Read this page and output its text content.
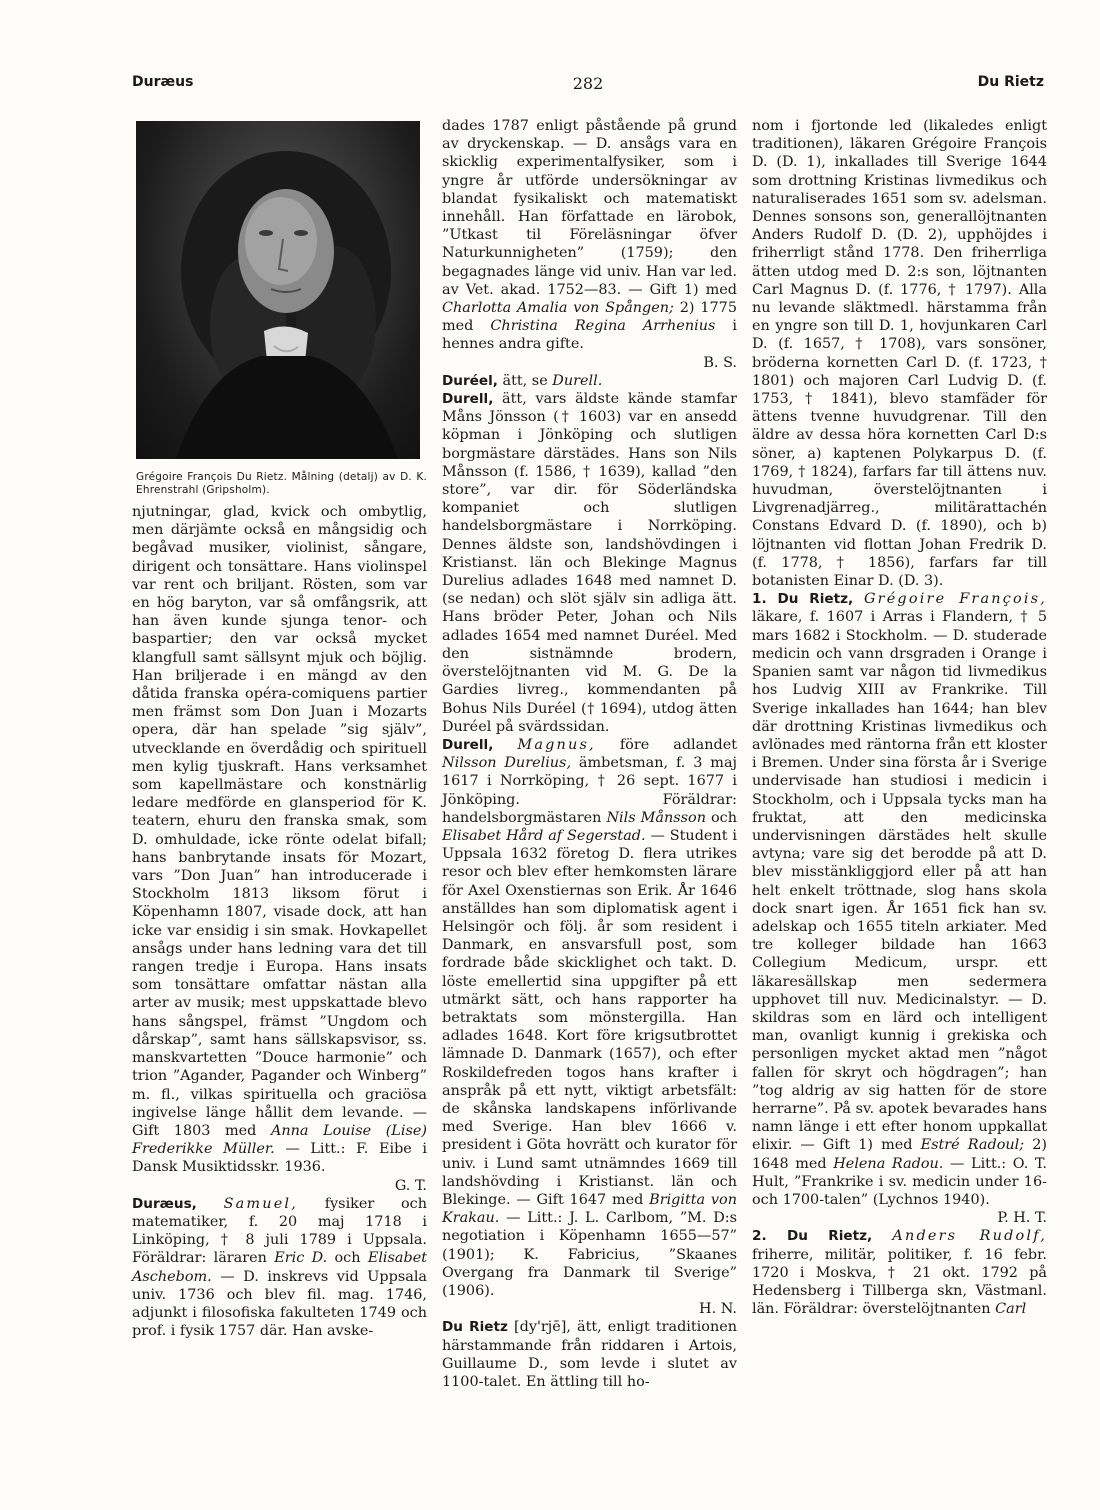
Duræus	282	Du Rietz
Grégoire François Du Rietz. Målning (detalj) av D. K. Ehrenstrahl (Gripsholm).

njutningar, glad, kvick och ombytlig, men därjämte också en mångsidig och begåvad musiker, violinist, sångare, dirigent och tonsättare. Hans violinspel var rent och briljant. Rösten, som var en hög baryton, var så omfångsrik, att han även kunde sjunga tenor- och baspartier; den var också mycket klangfull samt sällsynt mjuk och böjlig. Han briljerade i en mängd av den dåtida franska opéra-comiquens partier men främst som Don Juan i Mozarts opera, där han spelade ”sig själv”, utvecklande en överdådig och spirituell men kylig tjuskraft. Hans verksamhet som kapellmästare och konstnärlig ledare medförde en glansperiod för K. teatern, ehuru den franska smak, som D. omhuldade, icke rönte odelat bifall; hans banbrytande insats för Mozart, vars ”Don Juan” han introducerade i Stockholm 1813 liksom förut i Köpenhamn 1807, visade dock, att han icke var ensidig i sin smak. Hovkapellet ansågs under hans ledning vara det till rangen tredje i Europa. Hans insats som tonsättare omfattar nästan alla arter av musik; mest uppskattade blevo hans sångspel, främst ”Ungdom och dårskap”, samt hans sällskapsvisor, ss. manskvartetten ”Douce harmonie” och trion ”Agander, Pagander och Winberg” m. fl., vilkas spirituella och graciösa ingivelse länge hållit dem levande. — Gift 1803 med Anna Louise (Lise) Frederikke Müller. — Litt.: F. Eibe i Dansk Musiktidsskr. 1936.
G. T.

Duræus, Samuel, fysiker och matematiker, f. 20 maj 1718 i Linköping, † 8 juli 1789 i Uppsala. Föräldrar: läraren Eric D. och Elisabet Aschebom. — D. inskrevs vid Uppsala univ. 1736 och blev fil. mag. 1746, adjunkt i filosofiska fakulteten 1749 och prof. i fysik 1757 där. Han avske-

dades 1787 enligt påstående på grund av dryckenskap. — D. ansågs vara en skicklig experimentalfysiker, som i yngre år utförde undersökningar av blandat fysikaliskt och matematiskt innehåll. Han författade en lärobok, ”Utkast til Föreläsningar öfver Naturkunnigheten” (1759); den begagnades länge vid univ. Han var led. av Vet. akad. 1752—83. — Gift 1) med Charlotta Amalia von Spången; 2) 1775 med Christina Regina Arrhenius i hennes andra gifte.
B. S.

Duréel, ätt, se Durell.

Durell, ätt, vars äldste kände stamfar Måns Jönsson († 1603) var en ansedd köpman i Jönköping och slutligen borgmästare därstädes. Hans son Nils Månsson (f. 1586, † 1639), kallad ”den store”, var dir. för Söderländska kompaniet och slutligen handelsborgmästare i Norrköping. Dennes äldste son, landshövdingen i Kristianst. län och Blekinge Magnus Durelius adlades 1648 med namnet D. (se nedan) och slöt själv sin adliga ätt. Hans bröder Peter, Johan och Nils adlades 1654 med namnet Duréel. Med den sistnämnde brodern, överstelöjtnanten vid M. G. De la Gardies livreg., kommendanten på Bohus Nils Duréel († 1694), utdog ätten Duréel på svärdssidan.

Durell, Magnus, före adlandet Nilsson Durelius, ämbetsman, f. 3 maj 1617 i Norrköping, † 26 sept. 1677 i Jönköping. Föräldrar: handelsborgmästaren Nils Månsson och Elisabet Hård af Segerstad. — Student i Uppsala 1632 företog D. flera utrikes resor och blev efter hemkomsten lärare för Axel Oxenstiernas son Erik. År 1646 anställdes han som diplomatisk agent i Helsingör och följ. år som resident i Danmark, en ansvarsfull post, som fordrade både skicklighet och takt. D. löste emellertid sina uppgifter på ett utmärkt sätt, och hans rapporter ha betraktats som mönstergilla. Han adlades 1648. Kort före krigsutbrottet lämnade D. Danmark (1657), och efter Roskildefreden togos hans krafter i anspråk på ett nytt, viktigt arbetsfält: de skånska landskapens införlivande med Sverige. Han blev 1666 v. president i Göta hovrätt och kurator för univ. i Lund samt utnämndes 1669 till landshövding i Kristianst. län och Blekinge. — Gift 1647 med Brigitta von Krakau. — Litt.: J. L. Carlbom, ”M. D:s negotiation i Köpenhamn 1655—57” (1901); K. Fabricius, ”Skaanes Overgang fra Danmark til Sverige” (1906).
H. N.

Du Rietz [dy'rjē], ätt, enligt traditionen härstammande från riddaren i Artois, Guillaume D., som levde i slutet av 1100-talet. En ättling till ho-

nom i fjortonde led (likaledes enligt traditionen), läkaren Grégoire François D. (D. 1), inkallades till Sverige 1644 som drottning Kristinas livmedikus och naturaliserades 1651 som sv. adelsman. Dennes sonsons son, generallöjtnanten Anders Rudolf D. (D. 2), upphöjdes i friherrligt stånd 1778. Den friherrliga ätten utdog med D. 2:s son, löjtnanten Carl Magnus D. (f. 1776, † 1797). Alla nu levande släktmedl. härstamma från en yngre son till D. 1, hovjunkaren Carl D. (f. 1657, † 1708), vars sonsöner, bröderna kornetten Carl D. (f. 1723, † 1801) och majoren Carl Ludvig D. (f. 1753, † 1841), blevo stamfäder för ättens tvenne huvudgrenar. Till den äldre av dessa höra kornetten Carl D:s söner, a) kaptenen Polykarpus D. (f. 1769, † 1824), farfars far till ättens nuv. huvudman, överstelöjtnanten i Livgrenadjärreg., militärattachén Constans Edvard D. (f. 1890), och b) löjtnanten vid flottan Johan Fredrik D. (f. 1778, † 1856), farfars far till botanisten Einar D. (D. 3).

1. Du Rietz, Grégoire François, läkare, f. 1607 i Arras i Flandern, † 5 mars 1682 i Stockholm. — D. studerade medicin och vann drsgraden i Orange i Spanien samt var någon tid livmedikus hos Ludvig XIII av Frankrike. Till Sverige inkallades han 1644; han blev där drottning Kristinas livmedikus och avlönades med räntorna från ett kloster i Bremen. Under sina första år i Sverige undervisade han studiosi i medicin i Stockholm, och i Uppsala tycks man ha fruktat, att den medicinska undervisningen därstädes helt skulle avtyna; vare sig det berodde på att D. blev misstänkliggjord eller på att han helt enkelt tröttnade, slog hans skola dock snart igen. År 1651 fick han sv. adelskap och 1655 titeln arkiater. Med tre kolleger bildade han 1663 Collegium Medicum, urspr. ett läkaresällskap men sedermera upphovet till nuv. Medicinalstyr. — D. skildras som en lärd och intelligent man, ovanligt kunnig i grekiska och personligen mycket aktad men ”något fallen för skryt och högdragen”; han ”tog aldrig av sig hatten för de store herrarne”. På sv. apotek bevarades hans namn länge i ett efter honom uppkallat elixir. — Gift 1) med Estré Radoul; 2) 1648 med Helena Radou. — Litt.: O. T. Hult, ”Frankrike i sv. medicin under 16- och 1700-talen” (Lychnos 1940).
P. H. T.

2. Du Rietz, Anders Rudolf, friherre, militär, politiker, f. 16 febr. 1720 i Moskva, † 21 okt. 1792 på Hedensberg i Tillberga skn, Västmanl. län. Föräldrar: överstelöjtnanten Carl
